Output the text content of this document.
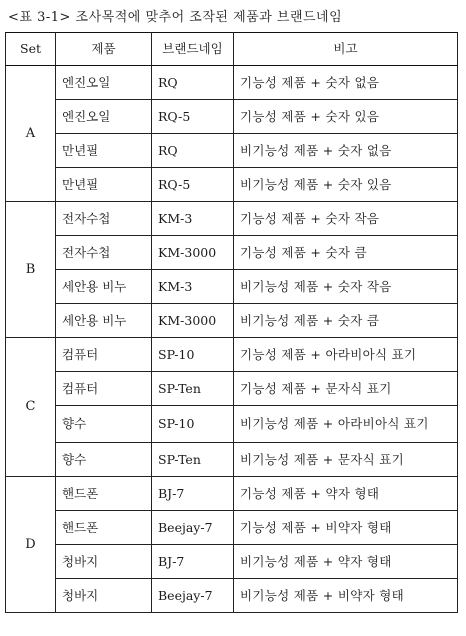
<표 3-1> 조사목적에 맞추어 조작된 제품과 브랜드네임
Set	제품	브랜드네임	비고
A	엔진오일	RQ	기능성 제품 + 숫자 없음
	엔진오일	RQ-5	기능성 제품 + 숫자 있음
	만년필	RQ	비기능성 제품 + 숫자 없음
	만년필	RQ-5	비기능성 제품 + 숫자 있음
B	전자수첩	KM-3	기능성 제품 + 숫자 작음
	전자수첩	KM-3000	기능성 제품 + 숫자 큼
	세안용 비누	KM-3	비기능성 제품 + 숫자 작음
	세안용 비누	KM-3000	비기능성 제품 + 숫자 큼
C	컴퓨터	SP-10	기능성 제품 + 아라비아식 표기
	컴퓨터	SP-Ten	기능성 제품 + 문자식 표기
	향수	SP-10	비기능성 제품 + 아라비아식 표기
	향수	SP-Ten	비기능성 제품 + 문자식 표기
D	핸드폰	BJ-7	기능성 제품 + 약자 형태
	핸드폰	Beejay-7	기능성 제품 + 비약자 형태
	청바지	BJ-7	비기능성 제품 + 약자 형태
	청바지	Beejay-7	비기능성 제품 + 비약자 형태
